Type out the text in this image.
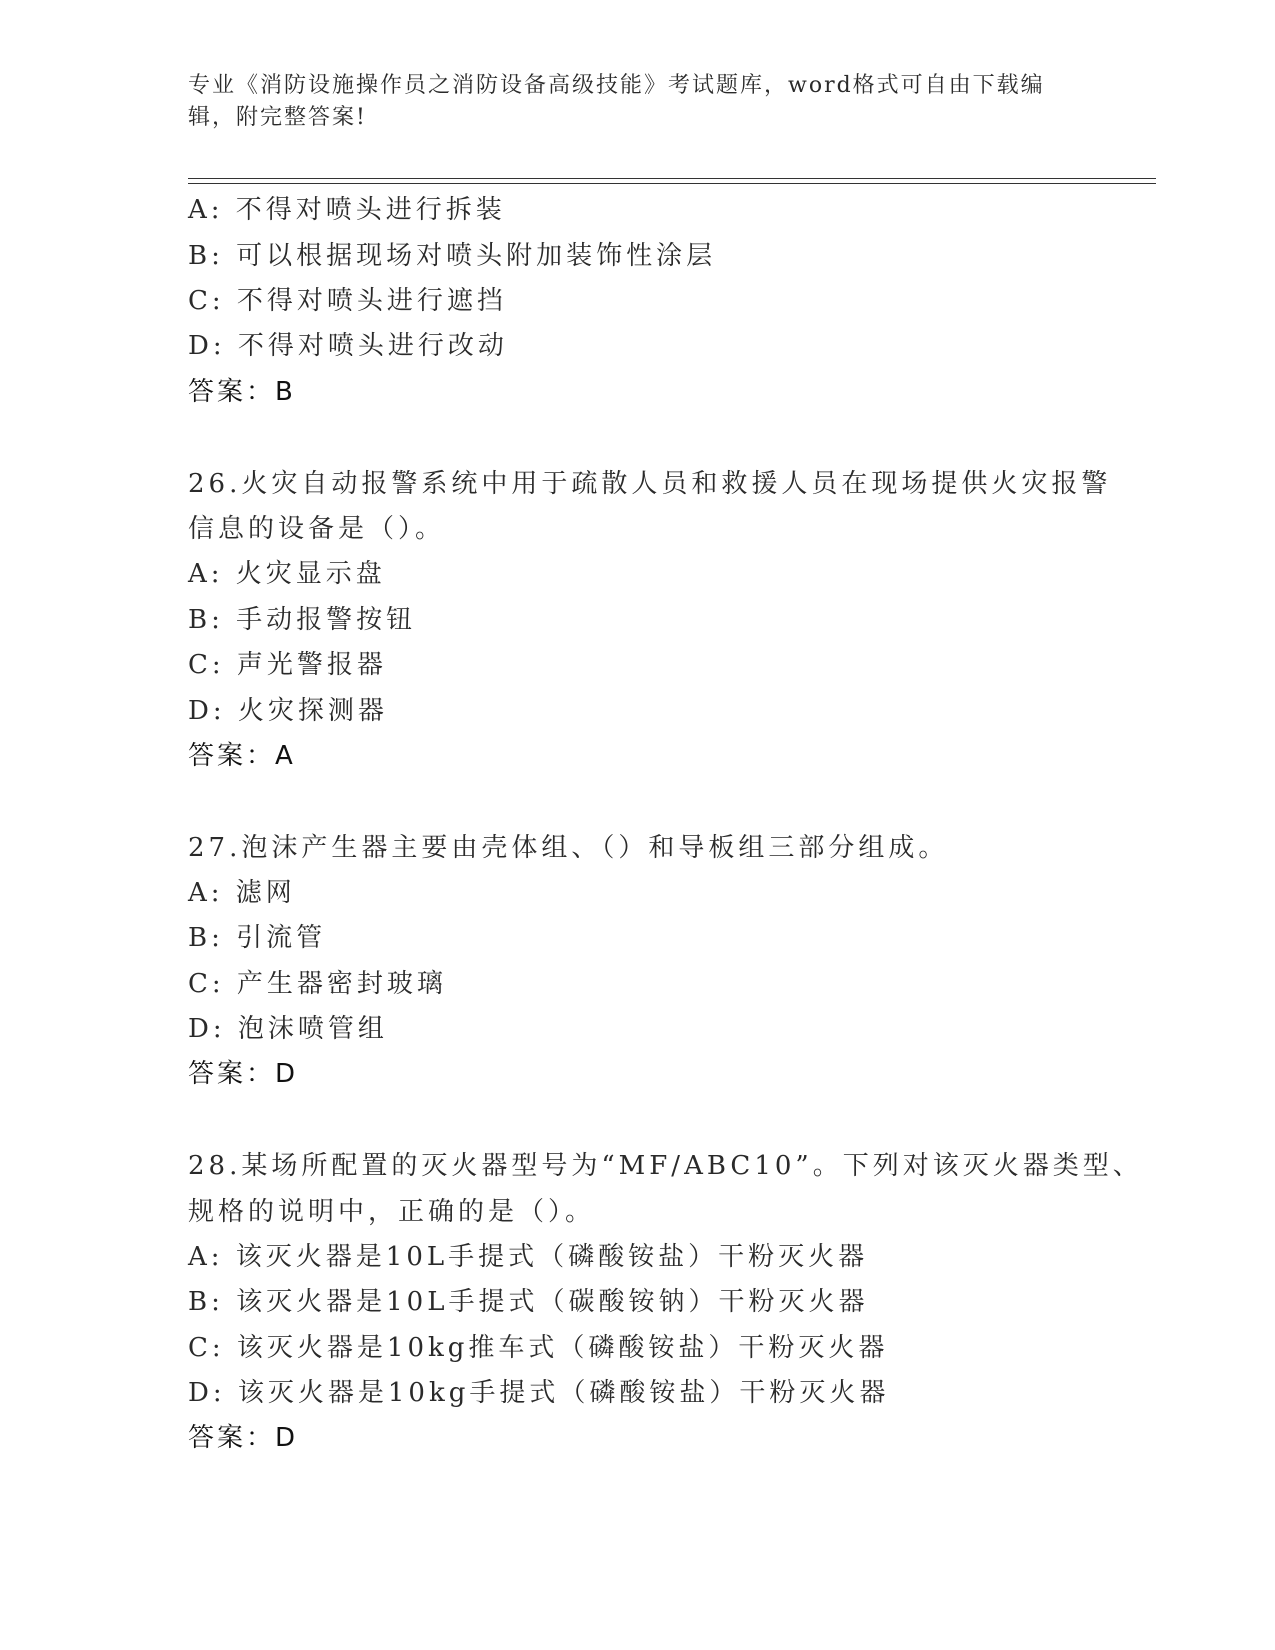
专业《消防设施操作员之消防设备高级技能》考试题库，word格式可自由下载编辑，附完整答案!
A: 不得对喷头进行拆装
B: 可以根据现场对喷头附加装饰性涂层
C: 不得对喷头进行遮挡
D: 不得对喷头进行改动
答案：B
26.火灾自动报警系统中用于疏散人员和救援人员在现场提供火灾报警
信息的设备是（）。
A: 火灾显示盘
B: 手动报警按钮
C: 声光警报器
D: 火灾探测器
答案：A
27.泡沫产生器主要由壳体组、（）和导板组三部分组成。
A: 滤网
B: 引流管
C: 产生器密封玻璃
D: 泡沫喷管组
答案：D
28.某场所配置的灭火器型号为“MF/ABC10”。下列对该灭火器类型、
规格的说明中，正确的是（）。
A: 该灭火器是10L手提式（磷酸铵盐）干粉灭火器
B: 该灭火器是10L手提式（碳酸铵钠）干粉灭火器
C: 该灭火器是10kg推车式（磷酸铵盐）干粉灭火器
D: 该灭火器是10kg手提式（磷酸铵盐）干粉灭火器
答案：D
